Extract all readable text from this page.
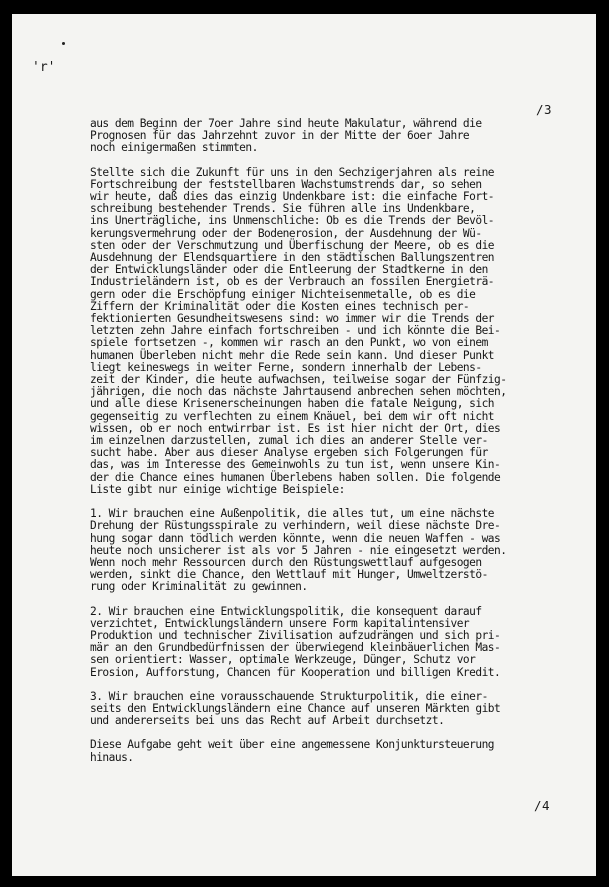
'r'
/3
aus dem Beginn der 7oer Jahre sind heute Makulatur, während die
Prognosen für das Jahrzehnt zuvor in der Mitte der 6oer Jahre
noch einigermaßen stimmten.
Stellte sich die Zukunft für uns in den Sechzigerjahren als reine
Fortschreibung der feststellbaren Wachstumstrends dar, so sehen
wir heute, daß dies das einzig Undenkbare ist: die einfache Fort-
schreibung bestehender Trends. Sie führen alle ins Undenkbare,
ins Unerträgliche, ins Unmenschliche: Ob es die Trends der Bevöl-
kerungsvermehrung oder der Bodenerosion, der Ausdehnung der Wü-
sten oder der Verschmutzung und Überfischung der Meere, ob es die
Ausdehnung der Elendsquartiere in den städtischen Ballungszentren
der Entwicklungsländer oder die Entleerung der Stadtkerne in den
Industrieländern ist, ob es der Verbrauch an fossilen Energieträ-
gern oder die Erschöpfung einiger Nichteisenmetalle, ob es die
Ziffern der Kriminalität oder die Kosten eines technisch per-
fektionierten Gesundheitswesens sind: wo immer wir die Trends der
letzten zehn Jahre einfach fortschreiben - und ich könnte die Bei-
spiele fortsetzen -, kommen wir rasch an den Punkt, wo von einem
humanen Überleben nicht mehr die Rede sein kann. Und dieser Punkt
liegt keineswegs in weiter Ferne, sondern innerhalb der Lebens-
zeit der Kinder, die heute aufwachsen, teilweise sogar der Fünfzig-
jährigen, die noch das nächste Jahrtausend anbrechen sehen möchten,
und alle diese Krisenerscheinungen haben die fatale Neigung, sich
gegenseitig zu verflechten zu einem Knäuel, bei dem wir oft nicht
wissen, ob er noch entwirrbar ist. Es ist hier nicht der Ort, dies
im einzelnen darzustellen, zumal ich dies an anderer Stelle ver-
sucht habe. Aber aus dieser Analyse ergeben sich Folgerungen für
das, was im Interesse des Gemeinwohls zu tun ist, wenn unsere Kin-
der die Chance eines humanen Überlebens haben sollen. Die folgende
Liste gibt nur einige wichtige Beispiele:
1. Wir brauchen eine Außenpolitik, die alles tut, um eine nächste
Drehung der Rüstungsspirale zu verhindern, weil diese nächste Dre-
hung sogar dann tödlich werden könnte, wenn die neuen Waffen - was
heute noch unsicherer ist als vor 5 Jahren - nie eingesetzt werden.
Wenn noch mehr Ressourcen durch den Rüstungswettlauf aufgesogen
werden, sinkt die Chance, den Wettlauf mit Hunger, Umweltzerstö-
rung oder Kriminalität zu gewinnen.
2. Wir brauchen eine Entwicklungspolitik, die konsequent darauf
verzichtet, Entwicklungsländern unsere Form kapitalintensiver
Produktion und technischer Zivilisation aufzudrängen und sich pri-
mär an den Grundbedürfnissen der überwiegend kleinbäuerlichen Mas-
sen orientiert: Wasser, optimale Werkzeuge, Dünger, Schutz vor
Erosion, Aufforstung, Chancen für Kooperation und billigen Kredit.
3. Wir brauchen eine vorausschauende Strukturpolitik, die einer-
seits den Entwicklungsländern eine Chance auf unseren Märkten gibt
und andererseits bei uns das Recht auf Arbeit durchsetzt.
Diese Aufgabe geht weit über eine angemessene Konjunktursteuerung
hinaus.
/4
